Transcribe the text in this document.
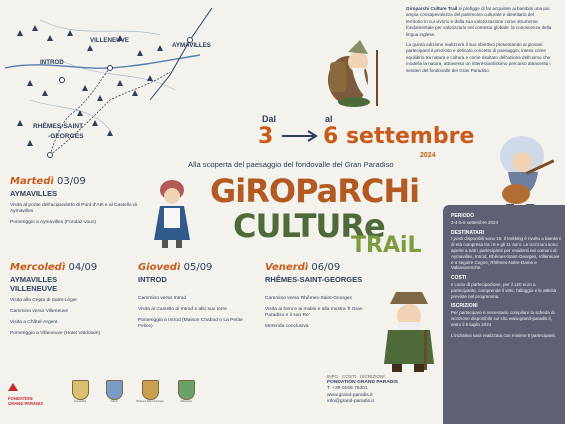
VILLENEUVE
AYMAVILLES
INTROD
RHÊMES-SAINT
-GEORGES
Giroparchi Culture Trail si prefigge di far acquisire ai bambini una più ampia consapevolezza del patrimonio culturale e identitario del territorio in cui vivono e della sua valorizzazione come strumento fondamentale per valorizzarlo nel contesto globale: la conoscenza della lingua inglese.
La quinta edizione realizzerà il suo obiettivo presentando ai giovani partecipanti il prezioso e delicato concetto di paesaggio, inteso come equilibrio tra natura e cultura e come risultato dell'azione dell'uomo che modella la natura, attraverso un interessantissimo percorso attraverso i sentieri del fondovalle del Gran Paradiso.
Dal	al
3 6 settembre
2024
Alla scoperta del paesaggio del fondovalle del Gran Paradiso
GiROPaRCHi
CULTURe
TRAiL
Martedì 03/09
AYMAVILLES
Visita al ponte dell'acquedotto di Pont d'Aël e al Castello di Aymavilles
Pomeriggio a Aymavilles (Fondaz-vous)
Mercoledì 04/09
AYMAVILLES
VILLENEUVE
Visita alla Cripta di Saint-Léger
Cammino verso Villeneuve
Visita a Châtel-Argent
Pomeriggio a Villeneuve (Hotel Valdotain)
Giovedì 05/09
INTROD
Cammino verso Introd
Visita al Castello di Introd e allo suo torre
Pomeriggio a Introd (Maison Chabod o La Petite Felice)
Venerdì 06/09
RHÊMES-SAINT-GEORGES
Cammino verso Rhêmes-Saint-Georges
Visita ai forni e ai mulini e alla mostra 'Il Gran Paradiso e il suo Re'
Merenda conclusiva
PERIODO
3-4-5-6 settembre 2024
DESTINATARI
I posti disponibili sono 15. Il trekking è rivolto a bambini di età compresa tra i 9 e gli 11 anni. Le iscrizioni sono aperte a tutti i partecipanti per residenti nei comuni di Aymavilles, Introd, Rhêmes-Saint-Georges, Villeneuve e a seguire Cogne, Rhêmes-Notre-Dame e Valsavarenche.
COSTI
Il costo di partecipazione, per il 120 euro a partecipante, comprende il vitto, l'alloggio e le attività previste nel programma.
ISCRIZIONI
Per partecipare è necessario compilare la scheda di iscrizione disponibile sul sito www.grand-paradis.it, entro il 8 luglio 2024
L'iniziativa sarà realizzata con minimo 8 partecipanti.
INFO · COSTI · ISCRIZIONI
FONDATION GRAND PARADIS
T. +39 0165 75301
www.grand-paradis.it
info@grand-paradis.it
FONDATION
GRAND PARADIS	Aymavilles	Introd	Rhêmes-Saint-Georges	Villeneuve
